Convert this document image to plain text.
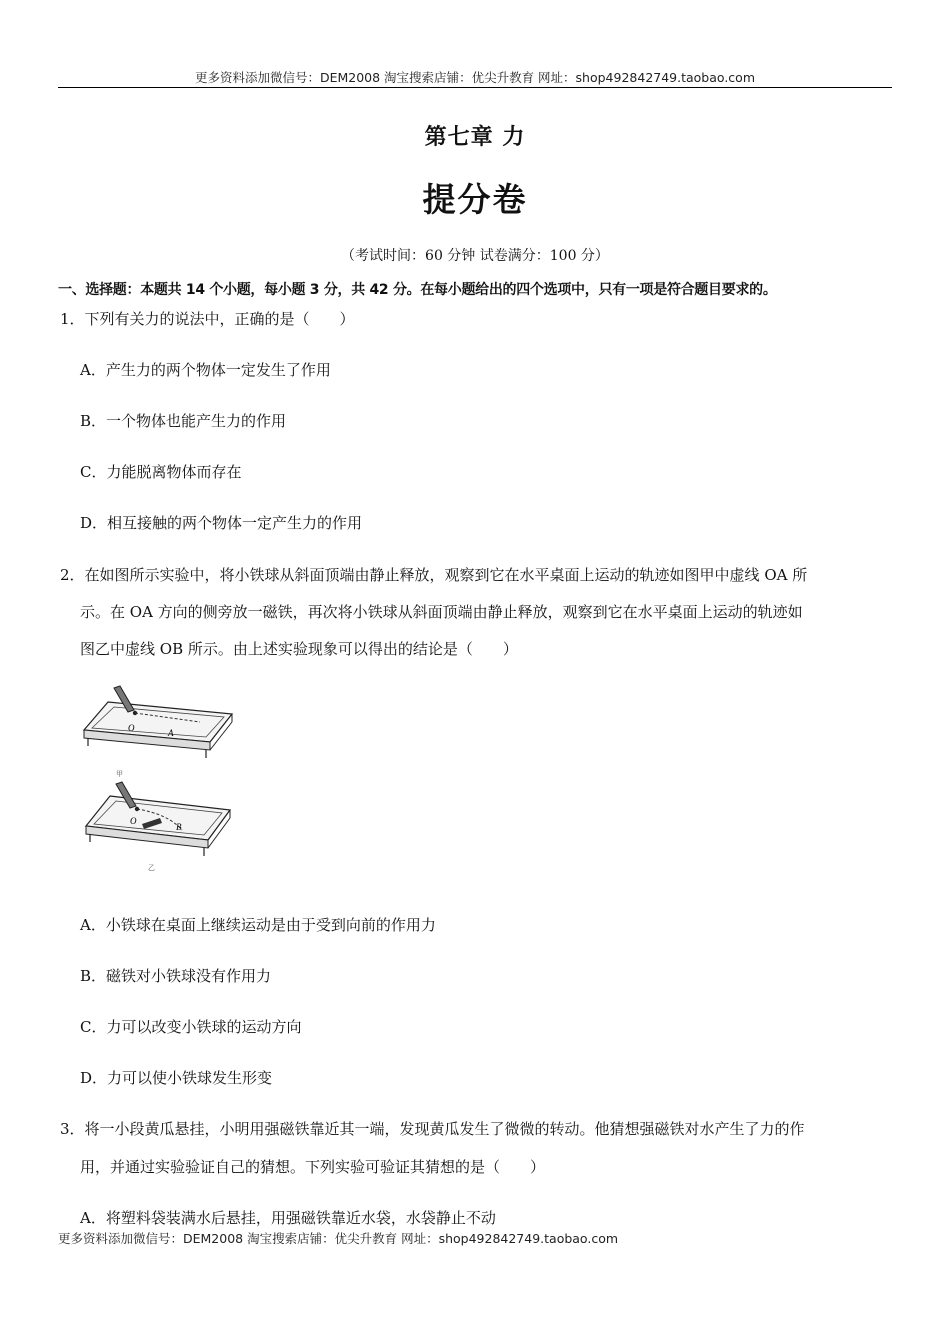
更多资料添加微信号：DEM2008 淘宝搜索店铺：优尖升教育 网址：shop492842749.taobao.com
第七章 力
提分卷
（考试时间：60 分钟 试卷满分：100 分）
一、选择题：本题共 14 个小题，每小题 3 分，共 42 分。在每小题给出的四个选项中，只有一项是符合题目要求的。
1．下列有关力的说法中，正确的是（　　）
A．产生力的两个物体一定发生了作用
B．一个物体也能产生力的作用
C．力能脱离物体而存在
D．相互接触的两个物体一定产生力的作用
2．在如图所示实验中，将小铁球从斜面顶端由静止释放，观察到它在水平桌面上运动的轨迹如图甲中虚线 OA 所
示。在 OA 方向的侧旁放一磁铁，再次将小铁球从斜面顶端由静止释放，观察到它在水平桌面上运动的轨迹如
图乙中虚线 OB 所示。由上述实验现象可以得出的结论是（　　）
O	A
甲
O
B
乙
A．小铁球在桌面上继续运动是由于受到向前的作用力
B．磁铁对小铁球没有作用力
C．力可以改变小铁球的运动方向
D．力可以使小铁球发生形变
3．将一小段黄瓜悬挂，小明用强磁铁靠近其一端，发现黄瓜发生了微微的转动。他猜想强磁铁对水产生了力的作
用，并通过实验验证自己的猜想。下列实验可验证其猜想的是（　　）
A．将塑料袋装满水后悬挂，用强磁铁靠近水袋，水袋静止不动
更多资料添加微信号：DEM2008 淘宝搜索店铺：优尖升教育 网址：shop492842749.taobao.com
